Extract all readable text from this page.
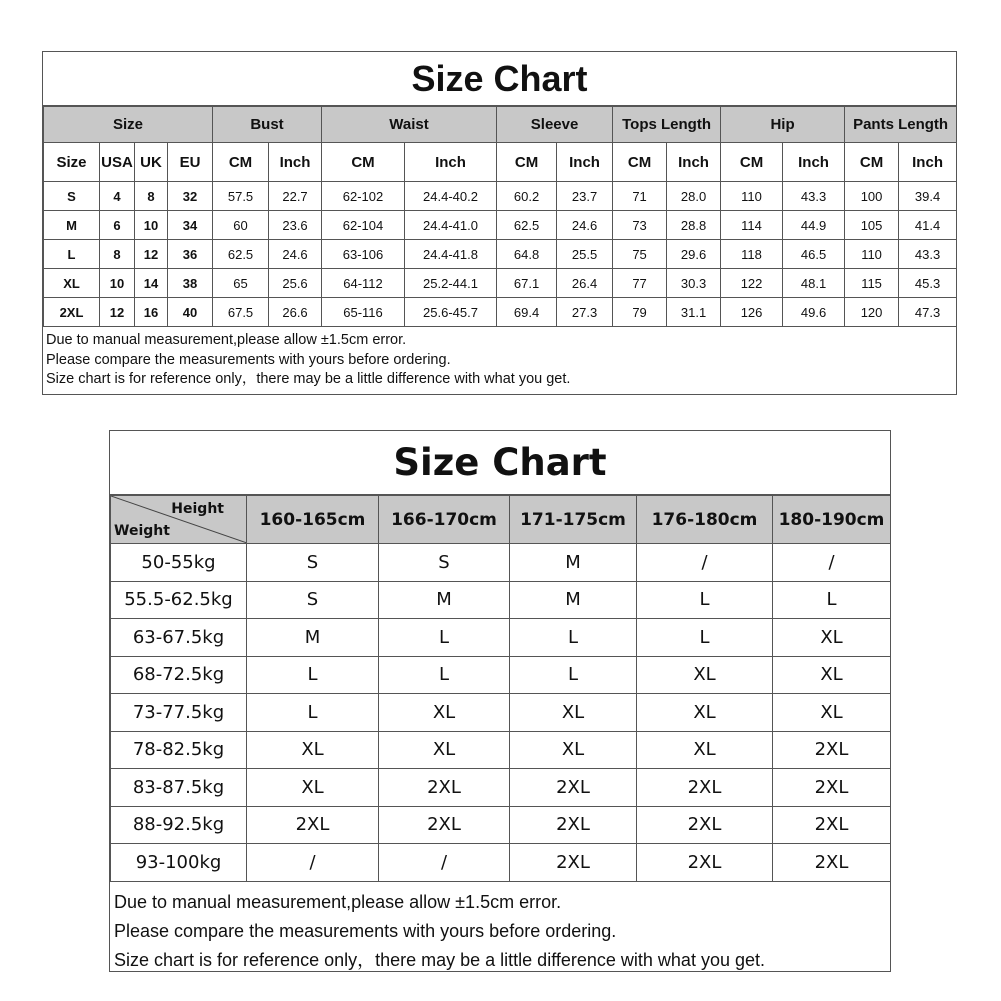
Size Chart
Size				Bust		Waist		Sleeve		Tops Length		Hip		Pants Length	
Size	USA	UK	EU	CM	Inch	CM	Inch	CM	Inch	CM	Inch	CM	Inch	CM	Inch
S	4	8	32	57.5	22.7	62-102	24.4-40.2	60.2	23.7	71	28.0	110	43.3	100	39.4
M	6	10	34	60	23.6	62-104	24.4-41.0	62.5	24.6	73	28.8	114	44.9	105	41.4
L	8	12	36	62.5	24.6	63-106	24.4-41.8	64.8	25.5	75	29.6	118	46.5	110	43.3
XL	10	14	38	65	25.6	64-112	25.2-44.1	67.1	26.4	77	30.3	122	48.1	115	45.3
2XL	12	16	40	67.5	26.6	65-116	25.6-45.7	69.4	27.3	79	31.1	126	49.6	120	47.3
Due to manual measurement,please allow ±1.5cm error.
Please compare the measurements with yours before ordering.
Size chart is for reference only，there may be a little difference with what you get.
Size Chart
Height
Weight	160-165cm	166-170cm	171-175cm	176-180cm	180-190cm
50-55kg	S	S	M	/	/
55.5-62.5kg	S	M	M	L	L
63-67.5kg	M	L	L	L	XL
68-72.5kg	L	L	L	XL	XL
73-77.5kg	L	XL	XL	XL	XL
78-82.5kg	XL	XL	XL	XL	2XL
83-87.5kg	XL	2XL	2XL	2XL	2XL
88-92.5kg	2XL	2XL	2XL	2XL	2XL
93-100kg	/	/	2XL	2XL	2XL
Due to manual measurement,please allow ±1.5cm error.
Please compare the measurements with yours before ordering.
Size chart is for reference only，there may be a little difference with what you get.
